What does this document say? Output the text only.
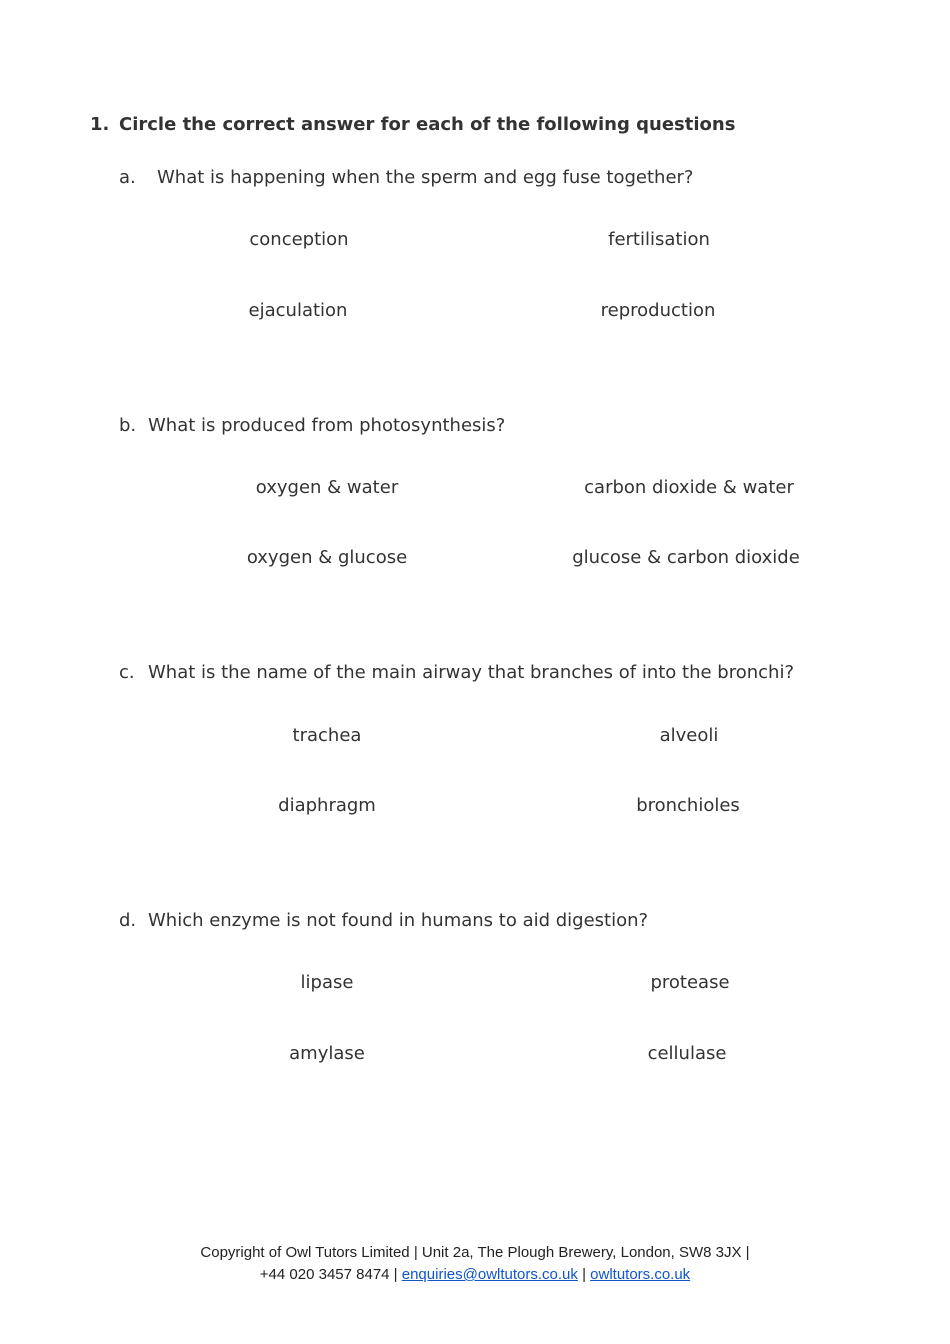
1. Circle the correct answer for each of the following questions
a. What is happening when the sperm and egg fuse together?
conception	fertilisation
ejaculation	reproduction
b. What is produced from photosynthesis?
oxygen & water	carbon dioxide & water
oxygen & glucose	glucose & carbon dioxide
c. What is the name of the main airway that branches of into the bronchi?
trachea	alveoli
diaphragm	bronchioles
d. Which enzyme is not found in humans to aid digestion?
lipase	protease
amylase	cellulase
Copyright of Owl Tutors Limited | Unit 2a, The Plough Brewery, London, SW8 3JX |
+44 020 3457 8474 | enquiries@owltutors.co.uk | owltutors.co.uk
